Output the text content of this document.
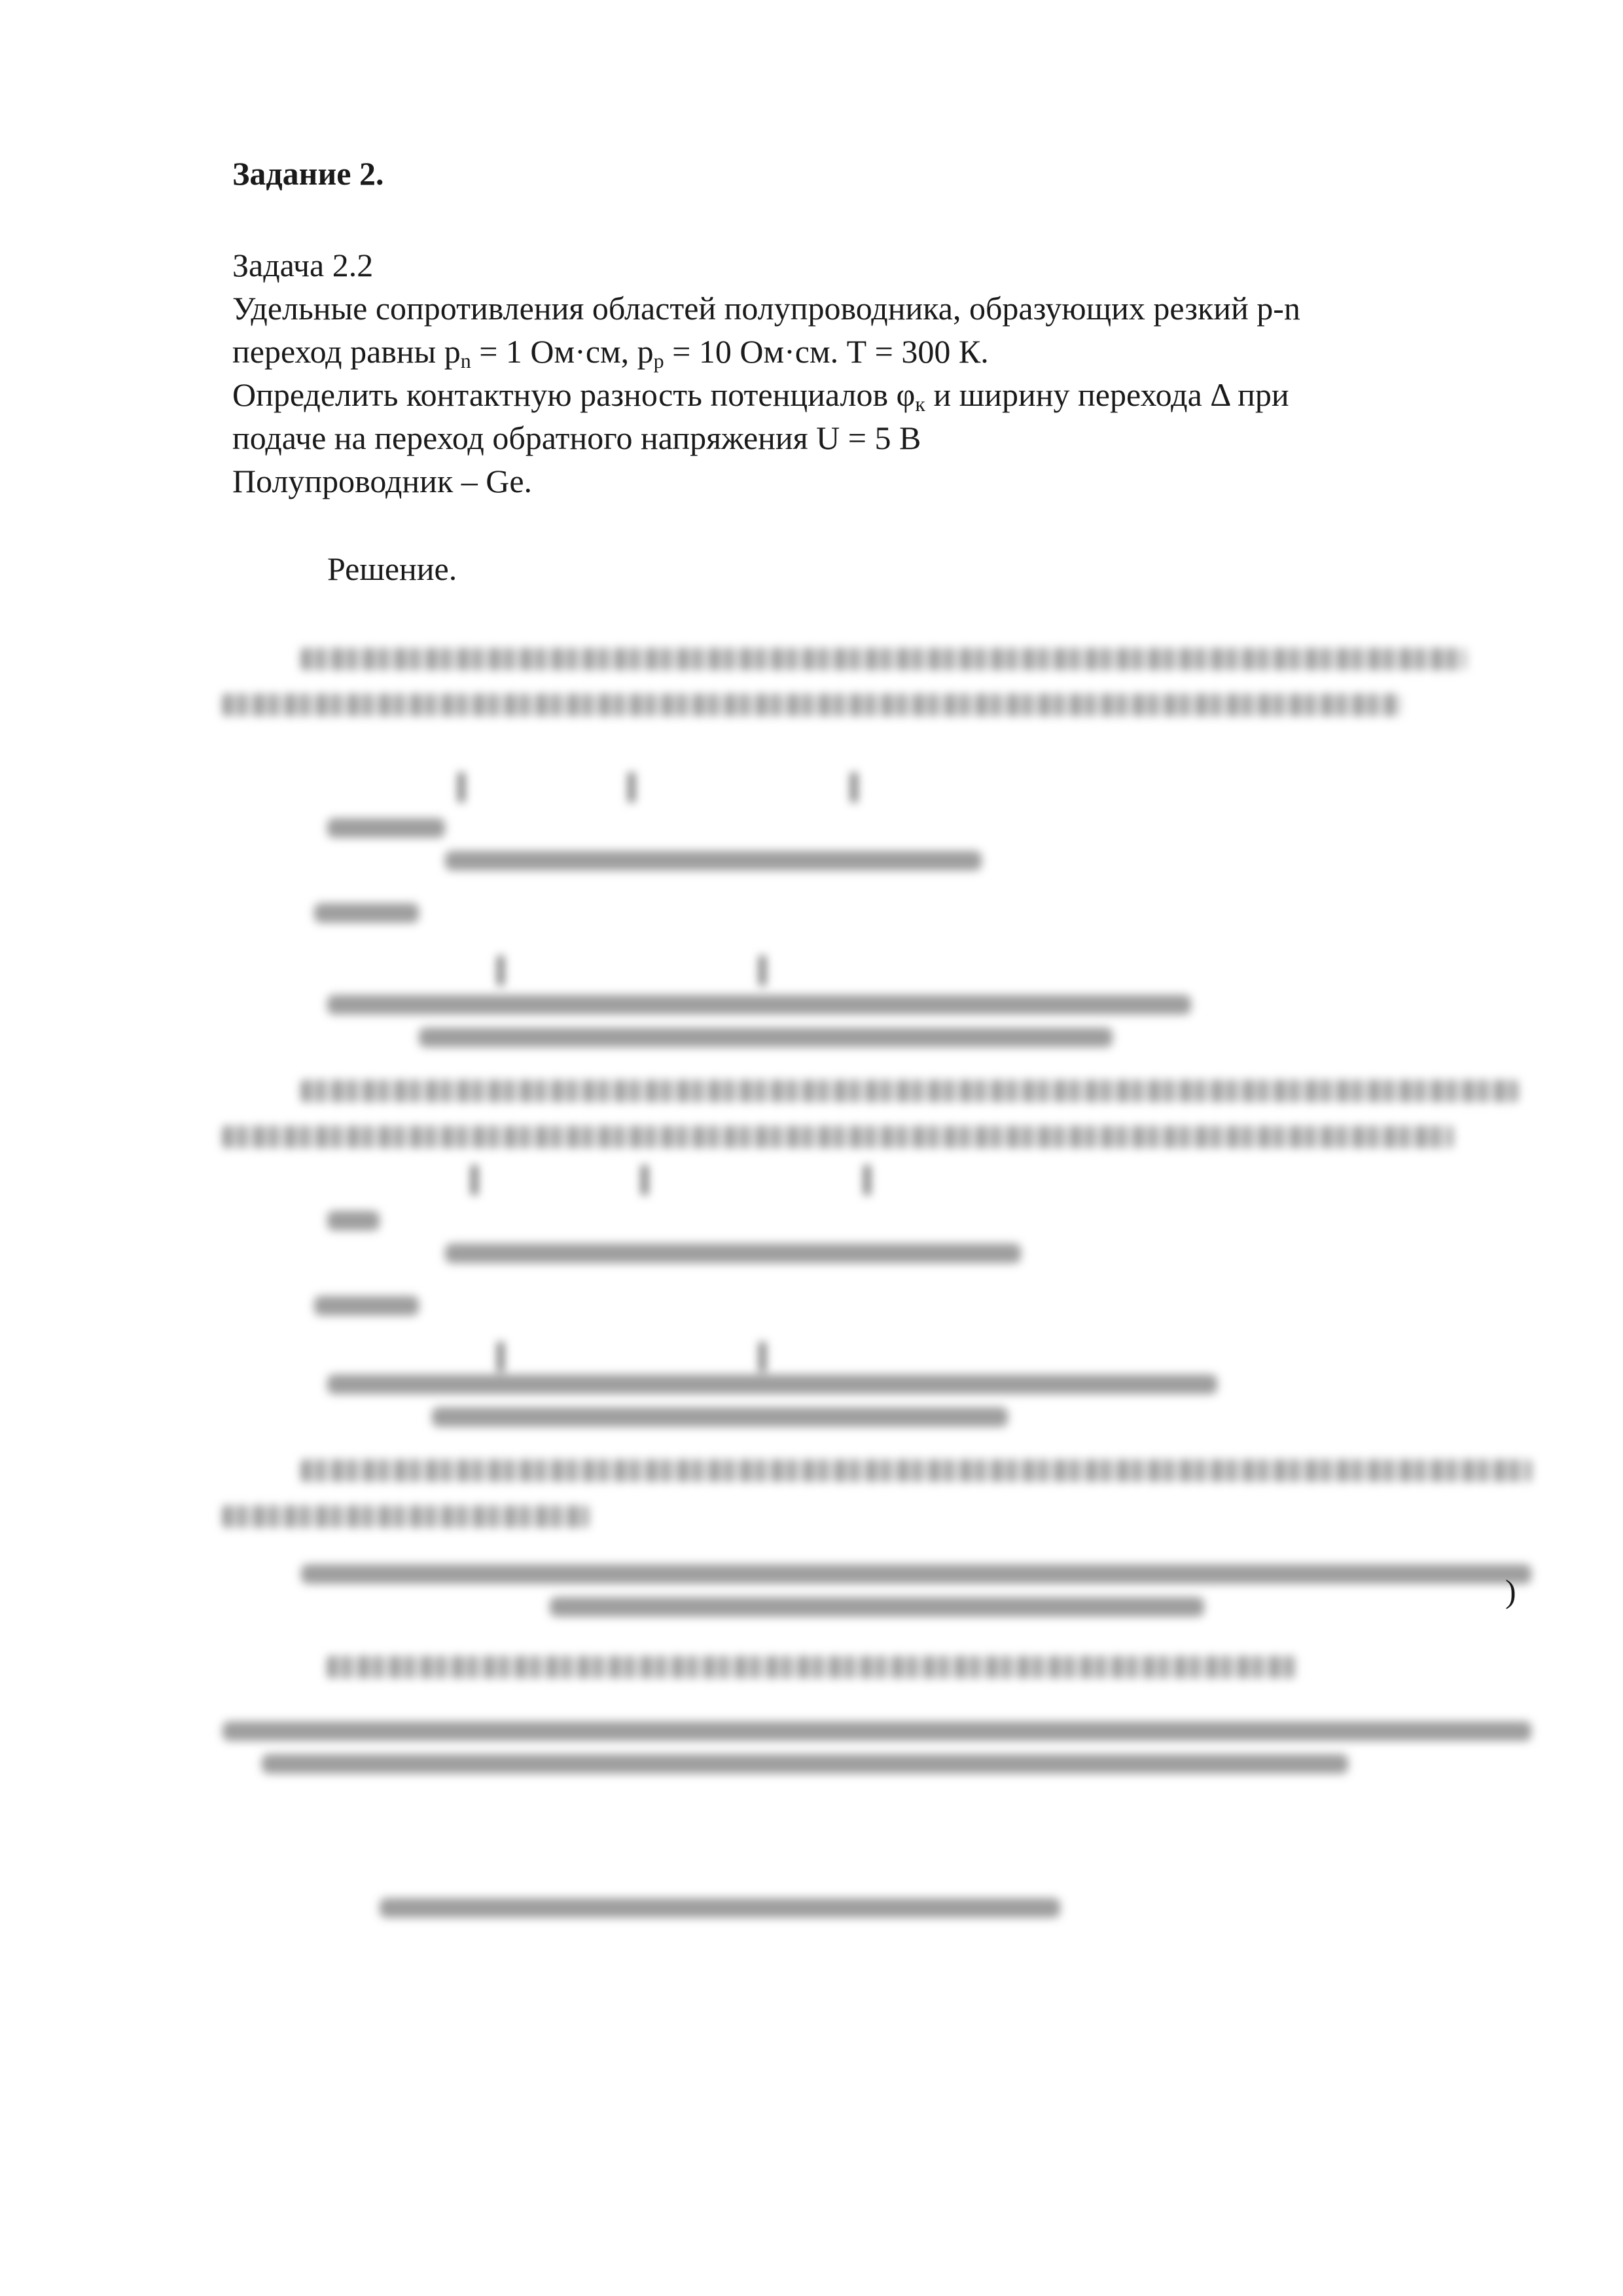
Задание 2.
Задача 2.2
Удельные сопротивления областей полупроводника, образующих резкий p-n
переход равны $p_n = 1$ Ом·см, $p_p = 10$ Ом·см. Т = 300 К.
Определить контактную разность потенциалов $\varphi_к$ и ширину перехода Δ при
подаче на переход обратного напряжения U = 5 В
Полупроводник – Ge.
Решение.
)
